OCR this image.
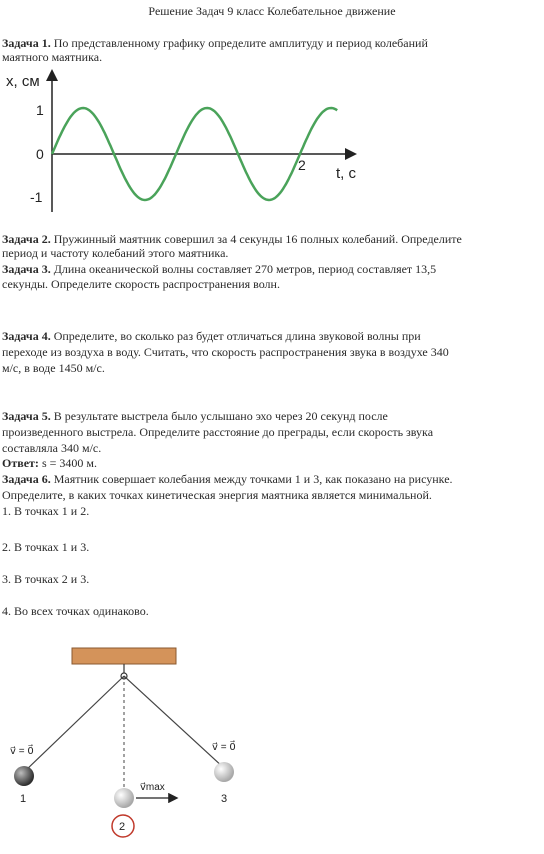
Решение Задач 9 класс Колебательное движение
Задача 1. По представленному графику определите амплитуду и период колебаний
маятного маятника.
x, см
t, c
1
0
-1
2
Задача 2. Пружинный маятник совершил за 4 секунды 16 полных колебаний. Определите
период и частоту колебаний этого маятника.
Задача 3. Длина океанической волны составляет 270 метров, период составляет 13,5
секунды. Определите скорость распространения волн.
Задача 4. Определите, во сколько раз будет отличаться длина звуковой волны при
переходе из воздуха в воду. Считать, что скорость распространения звука в воздухе 340
м/с, в воде 1450 м/с.
Задача 5. В результате выстрела было услышано эхо через 20 секунд после
произведенного выстрела. Определите расстояние до преграды, если скорость звука
составляла 340 м/с.
Ответ: s = 3400 м.
Задача 6. Маятник совершает колебания между точками 1 и 3, как показано на рисунке.
Определите, в каких точках кинетическая энергия маятника является минимальной.
1. В точках 1 и 2.
2. В точках 1 и 3.
3. В точках 2 и 3.
4. Во всех точках одинаково.
v⃗ = 0⃗	v⃗ = 0⃗
v⃗max
1	3
2
